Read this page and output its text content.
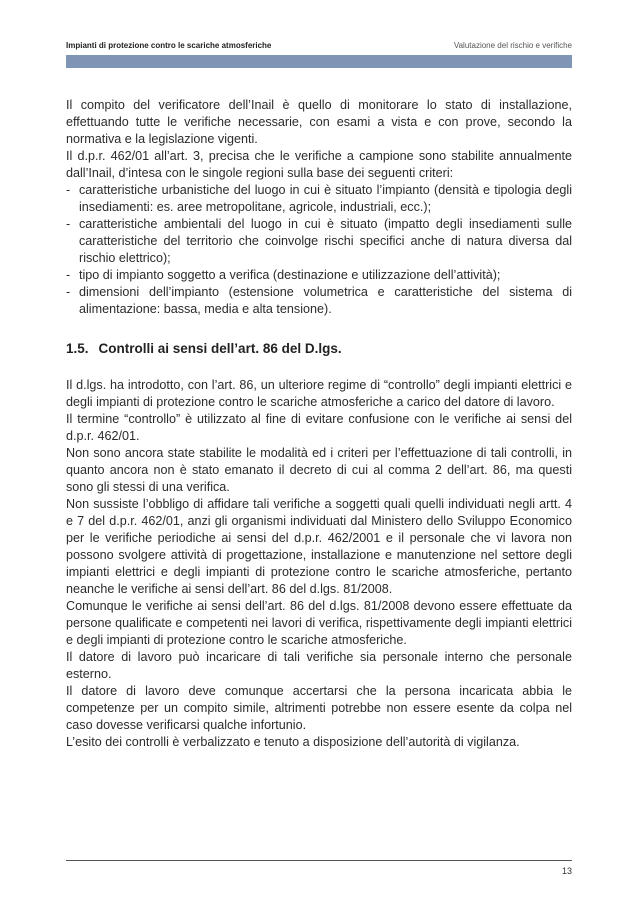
Impianti di protezione contro le scariche atmosferiche	Valutazione del rischio e verifiche

Il compito del verificatore dell’Inail è quello di monitorare lo stato di installazione, effettuando tutte le verifiche necessarie, con esami a vista e con prove, secondo la normativa e la legislazione vigenti.

Il d.p.r. 462/01 all’art. 3, precisa che le verifiche a campione sono stabilite annualmente dall’Inail, d’intesa con le singole regioni sulla base dei seguenti criteri:

- caratteristiche urbanistiche del luogo in cui è situato l’impianto (densità e tipologia degli insediamenti: es. aree metropolitane, agricole, industriali, ecc.);
- caratteristiche ambientali del luogo in cui è situato (impatto degli insediamenti sulle caratteristiche del territorio che coinvolge rischi specifici anche di natura diversa dal rischio elettrico);
- tipo di impianto soggetto a verifica (destinazione e utilizzazione dell’attività);
- dimensioni dell’impianto (estensione volumetrica e caratteristiche del sistema di alimentazione: bassa, media e alta tensione).
1.5. Controlli ai sensi dell’art. 86 del D.lgs.

Il d.lgs. ha introdotto, con l’art. 86, un ulteriore regime di “controllo” degli impianti elettrici e degli impianti di protezione contro le scariche atmosferiche a carico del datore di lavoro.

Il termine “controllo” è utilizzato al fine di evitare confusione con le verifiche ai sensi del d.p.r. 462/01.

Non sono ancora state stabilite le modalità ed i criteri per l’effettuazione di tali controlli, in quanto ancora non è stato emanato il decreto di cui al comma 2 dell’art. 86, ma questi sono gli stessi di una verifica.

Non sussiste l’obbligo di affidare tali verifiche a soggetti quali quelli individuati negli artt. 4 e 7 del d.p.r. 462/01, anzi gli organismi individuati dal Ministero dello Sviluppo Economico per le verifiche periodiche ai sensi del d.p.r. 462/2001 e il personale che vi lavora non possono svolgere attività di progettazione, installazione e manutenzione nel settore degli impianti elettrici e degli impianti di protezione contro le scariche atmosferiche, pertanto neanche le verifiche ai sensi dell’art. 86 del d.lgs. 81/2008.

Comunque le verifiche ai sensi dell’art. 86 del d.lgs. 81/2008 devono essere effettuate da persone qualificate e competenti nei lavori di verifica, rispettivamente degli impianti elettrici e degli impianti di protezione contro le scariche atmosferiche.

Il datore di lavoro può incaricare di tali verifiche sia personale interno che personale esterno.

Il datore di lavoro deve comunque accertarsi che la persona incaricata abbia le competenze per un compito simile, altrimenti potrebbe non essere esente da colpa nel caso dovesse verificarsi qualche infortunio.

L’esito dei controlli è verbalizzato e tenuto a disposizione dell’autorità di vigilanza.

13
